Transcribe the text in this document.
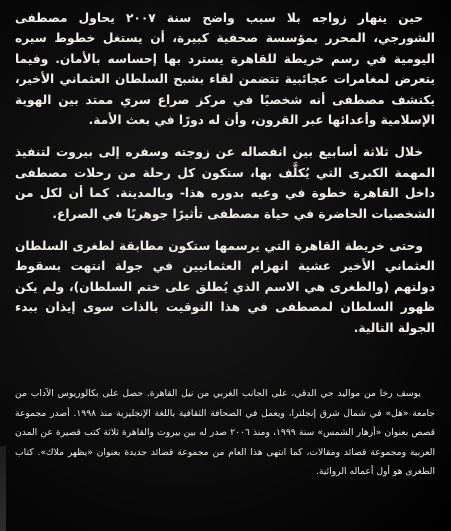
حين ينهار زواجه بلا سبب واضح سنة ٢٠٠٧ يحاول مصطفى الشورجي، المحرر بمؤسسة صحفية كبيرة، أن يستغل خطوط سيره اليومية في رسم خريطة للقاهرة يسترد بها إحساسه بالأمان. وفيما يتعرض لمغامرات عجائبية تتضمن لقاء بشبح السلطان العثماني الأخير، يكتشف مصطفى أنه شخصيًا في مركز صراع سري ممتد بين الهوية الإسلامية وأعدائها عبر القرون، وأن له دورًا في بعث الأمة.

خلال ثلاثة أسابيع بين انفصاله عن زوجته وسفره إلى بيروت لتنفيذ المهمة الكبرى التي يُكلَّف بها، ستكون كل رحلة من رحلات مصطفى داخل القاهرة خطوة في وعيه بدوره هذا- وبالمدينة. كما أن لكل من الشخصيات الحاضرة في حياة مصطفى تأثيرًا جوهريًا في الصراع.

وحتى خريطة القاهرة التي يرسمها ستكون مطابقة لطغرى السلطان العثماني الأخير عشية انهزام العثمانيين في جولة انتهت بسقوط دولتهم (والطغرى هي الاسم الذي يُطلق على ختم السلطان)، ولم يكن ظهور السلطان لمصطفى في هذا التوقيت بالذات سوى إيذان ببدء الجولة التالية.

يوسف رخا من مواليد حي الدقي، على الجانب الغربي من نيل القاهرة. حصل على بكالوريوس الآداب من جامعة «هل» في شمال شرق إنجلترا، ويعمل في الصحافة الثقافية باللغة الإنجليزية منذ ١٩٩٨. أصدر مجموعة قصص بعنوان «أزهار الشمس» سنة ١٩٩٩، ومنذ ٢٠٠٦ صدر له بين بيروت والقاهرة ثلاثة كتب قصيرة عن المدن العربية ومجموعة قصائد ومقالات، كما انتهى هذا العام من مجموعة قصائد جديدة بعنوان «يظهر ملاك». كتاب الطغرى هو أول أعماله الروائية.
